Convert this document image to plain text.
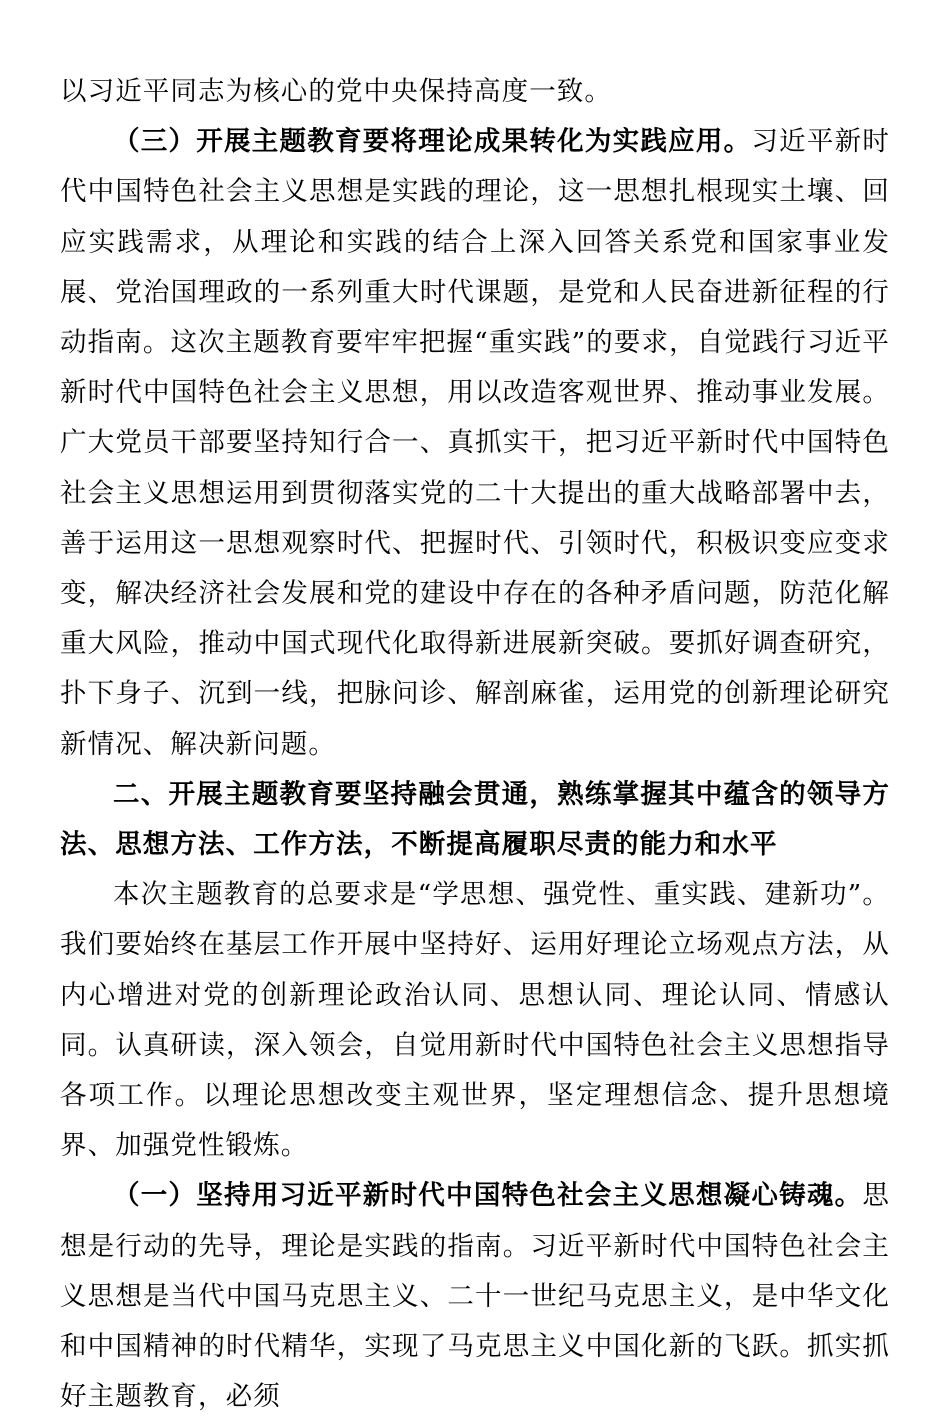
以习近平同志为核心的党中央保持高度一致。

（三）开展主题教育要将理论成果转化为实践应用。习近平新时代中国特色社会主义思想是实践的理论，这一思想扎根现实土壤、回应实践需求，从理论和实践的结合上深入回答关系党和国家事业发展、党治国理政的一系列重大时代课题，是党和人民奋进新征程的行动指南。这次主题教育要牢牢把握“重实践”的要求，自觉践行习近平新时代中国特色社会主义思想，用以改造客观世界、推动事业发展。广大党员干部要坚持知行合一、真抓实干，把习近平新时代中国特色社会主义思想运用到贯彻落实党的二十大提出的重大战略部署中去，善于运用这一思想观察时代、把握时代、引领时代，积极识变应变求变，解决经济社会发展和党的建设中存在的各种矛盾问题，防范化解重大风险，推动中国式现代化取得新进展新突破。要抓好调查研究，扑下身子、沉到一线，把脉问诊、解剖麻雀，运用党的创新理论研究新情况、解决新问题。

二、开展主题教育要坚持融会贯通，熟练掌握其中蕴含的领导方法、思想方法、工作方法，不断提高履职尽责的能力和水平

本次主题教育的总要求是“学思想、强党性、重实践、建新功”。我们要始终在基层工作开展中坚持好、运用好理论立场观点方法，从内心增进对党的创新理论政治认同、思想认同、理论认同、情感认同。认真研读，深入领会，自觉用新时代中国特色社会主义思想指导各项工作。以理论思想改变主观世界，坚定理想信念、提升思想境界、加强党性锻炼。

（一）坚持用习近平新时代中国特色社会主义思想凝心铸魂。思想是行动的先导，理论是实践的指南。习近平新时代中国特色社会主义思想是当代中国马克思主义、二十一世纪马克思主义，是中华文化和中国精神的时代精华，实现了马克思主义中国化新的飞跃。抓实抓好主题教育，必须
